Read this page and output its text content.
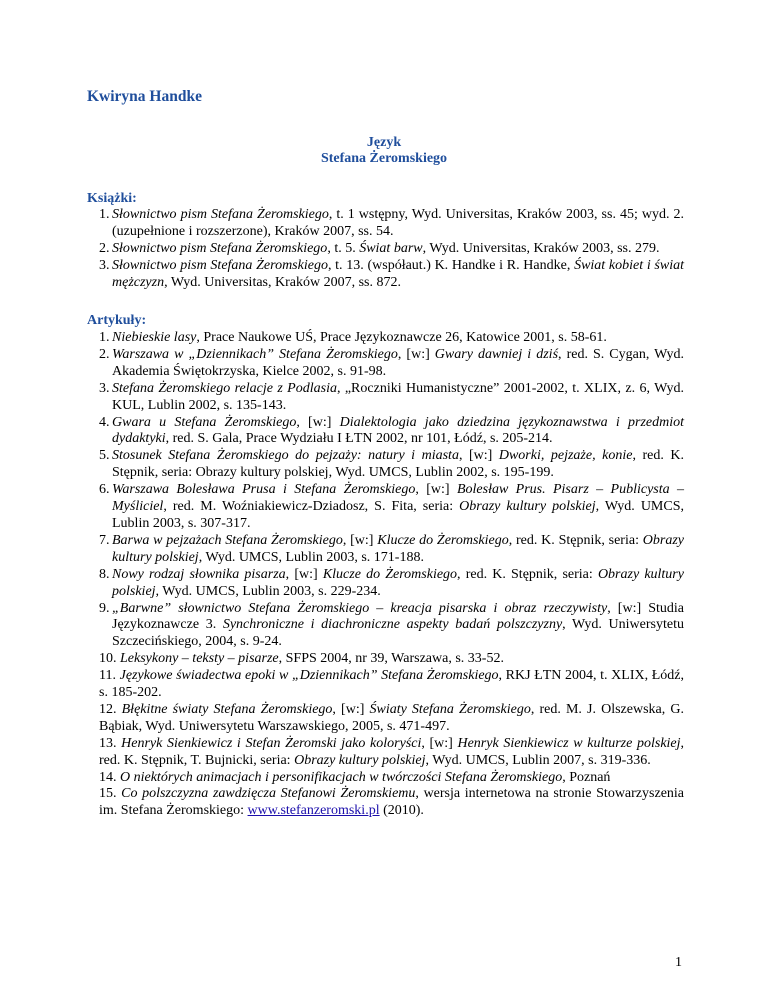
Kwiryna Handke
Język
Stefana Żeromskiego
Książki:
1. Słownictwo pism Stefana Żeromskiego, t. 1 wstępny, Wyd. Universitas, Kraków 2003, ss. 45; wyd. 2. (uzupełnione i rozszerzone), Kraków 2007, ss. 54.
2. Słownictwo pism Stefana Żeromskiego, t. 5. Świat barw, Wyd. Universitas, Kraków 2003, ss. 279.
3. Słownictwo pism Stefana Żeromskiego, t. 13. (współaut.) K. Handke i R. Handke, Świat kobiet i świat mężczyzn, Wyd. Universitas, Kraków 2007, ss. 872.
Artykuły:
1. Niebieskie lasy, Prace Naukowe UŚ, Prace Językoznawcze 26, Katowice 2001, s. 58-61.
2. Warszawa w „Dziennikach” Stefana Żeromskiego, [w:] Gwary dawniej i dziś, red. S. Cygan, Wyd. Akademia Świętokrzyska, Kielce 2002, s. 91-98.
3. Stefana Żeromskiego relacje z Podlasia, „Roczniki Humanistyczne” 2001-2002, t. XLIX, z. 6, Wyd. KUL, Lublin 2002, s. 135-143.
4. Gwara u Stefana Żeromskiego, [w:] Dialektologia jako dziedzina językoznawstwa i przedmiot dydaktyki, red. S. Gala, Prace Wydziału I ŁTN 2002, nr 101, Łódź, s. 205-214.
5. Stosunek Stefana Żeromskiego do pejzaży: natury i miasta, [w:] Dworki, pejzaże, konie, red. K. Stępnik, seria: Obrazy kultury polskiej, Wyd. UMCS, Lublin 2002, s. 195-199.
6. Warszawa Bolesława Prusa i Stefana Żeromskiego, [w:] Bolesław Prus. Pisarz – Publicysta – Myśliciel, red. M. Woźniakiewicz-Dziadosz, S. Fita, seria: Obrazy kultury polskiej, Wyd. UMCS, Lublin 2003, s. 307-317.
7. Barwa w pejzażach Stefana Żeromskiego, [w:] Klucze do Żeromskiego, red. K. Stępnik, seria: Obrazy kultury polskiej, Wyd. UMCS, Lublin 2003, s. 171-188.
8. Nowy rodzaj słownika pisarza, [w:] Klucze do Żeromskiego, red. K. Stępnik, seria: Obrazy kultury polskiej, Wyd. UMCS, Lublin 2003, s. 229-234.
9. „Barwne” słownictwo Stefana Żeromskiego – kreacja pisarska i obraz rzeczywisty, [w:] Studia Językoznawcze 3. Synchroniczne i diachroniczne aspekty badań polszczyzny, Wyd. Uniwersytetu Szczecińskiego, 2004, s. 9-24.
10. Leksykony – teksty – pisarze, SFPS 2004, nr 39, Warszawa, s. 33-52.
11. Językowe świadectwa epoki w „Dziennikach” Stefana Żeromskiego, RKJ ŁTN 2004, t. XLIX, Łódź, s. 185-202.
12. Błękitne światy Stefana Żeromskiego, [w:] Światy Stefana Żeromskiego, red. M. J. Olszewska, G. Bąbiak, Wyd. Uniwersytetu Warszawskiego, 2005, s. 471-497.
13. Henryk Sienkiewicz i Stefan Żeromski jako koloryści, [w:] Henryk Sienkiewicz w kulturze polskiej, red. K. Stępnik, T. Bujnicki, seria: Obrazy kultury polskiej, Wyd. UMCS, Lublin 2007, s. 319-336.
14. O niektórych animacjach i personifikacjach w twórczości Stefana Żeromskiego, Poznań
15. Co polszczyzna zawdzięcza Stefanowi Żeromskiemu, wersja internetowa na stronie Stowarzyszenia im. Stefana Żeromskiego: www.stefanzeromski.pl (2010).
1
